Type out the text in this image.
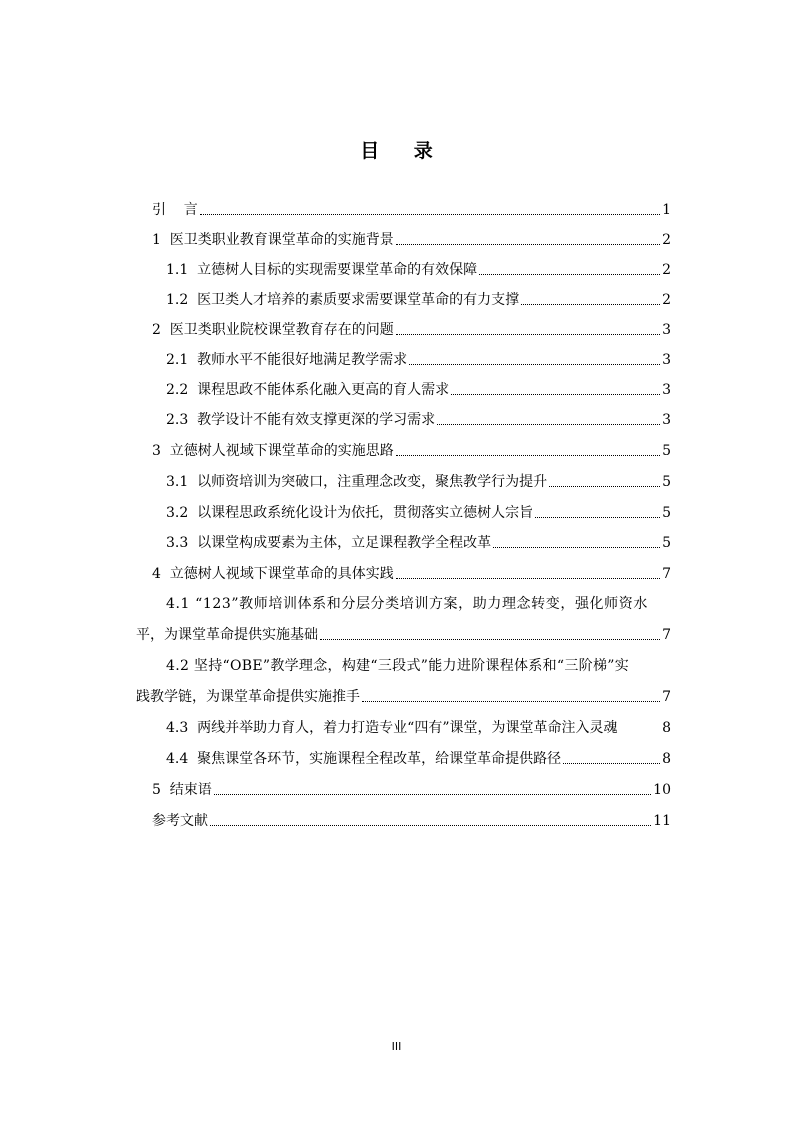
目 录
引    言	1
1  医卫类职业教育课堂革命的实施背景	2
1.1  立德树人目标的实现需要课堂革命的有效保障	2
1.2  医卫类人才培养的素质要求需要课堂革命的有力支撑	2
2  医卫类职业院校课堂教育存在的问题	3
2.1  教师水平不能很好地满足教学需求	3
2.2  课程思政不能体系化融入更高的育人需求	3
2.3  教学设计不能有效支撑更深的学习需求	3
3  立德树人视域下课堂革命的实施思路	5
3.1  以师资培训为突破口，注重理念改变，聚焦教学行为提升	5
3.2  以课程思政系统化设计为依托，贯彻落实立德树人宗旨	5
3.3  以课堂构成要素为主体，立足课程教学全程改革	5
4  立德树人视域下课堂革命的具体实践	7
4.1 “123”教师培训体系和分层分类培训方案，助力理念转变，强化师资水
平，为课堂革命提供实施基础	7
4.2 坚持“OBE”教学理念，构建“三段式”能力进阶课程体系和“三阶梯”实
践教学链，为课堂革命提供实施推手	7
4.3  两线并举助力育人，着力打造专业“四有”课堂，为课堂革命注入灵魂	8
4.4  聚焦课堂各环节，实施课程全程改革，给课堂革命提供路径	8
5  结束语	10
参考文献	11
III
